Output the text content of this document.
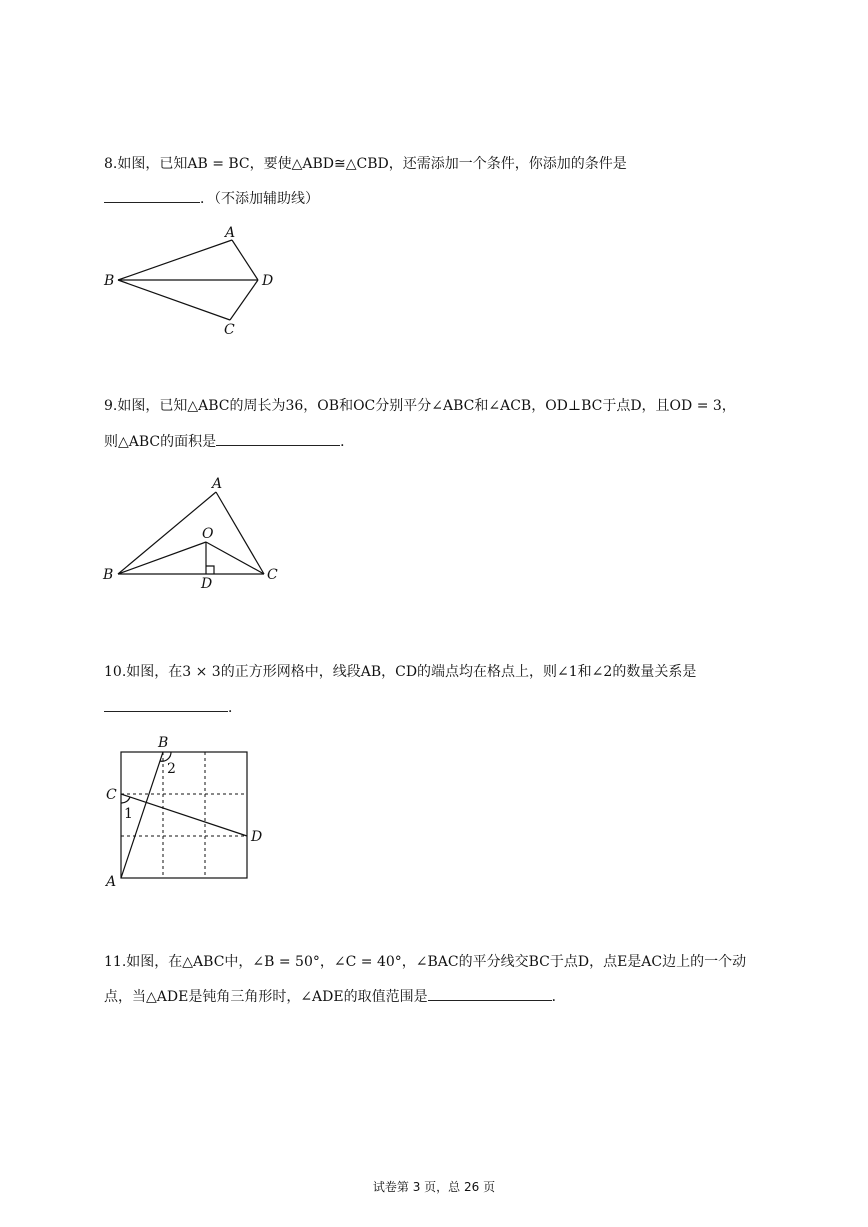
8.如图，已知AB = BC，要使△ABD≅△CBD，还需添加一个条件，你添加的条件是
．（不添加辅助线）
A
B	D
C
9.如图，已知△ABC的周长为36，OB和OC分别平分∠ABC和∠ACB，OD⊥BC于点D，且OD = 3，
则△ABC的面积是	．
A
O
B	C
D
10.如图，在3 × 3的正方形网格中，线段AB，CD的端点均在格点上，则∠1和∠2的数量关系是
．
B
C
D
A
1
2
11.如图，在△ABC中，∠B = 50°，∠C = 40°，∠BAC的平分线交BC于点D，点E是AC边上的一个动
点，当△ADE是钝角三角形时，∠ADE的取值范围是	．
试卷第 3 页，总 26 页
